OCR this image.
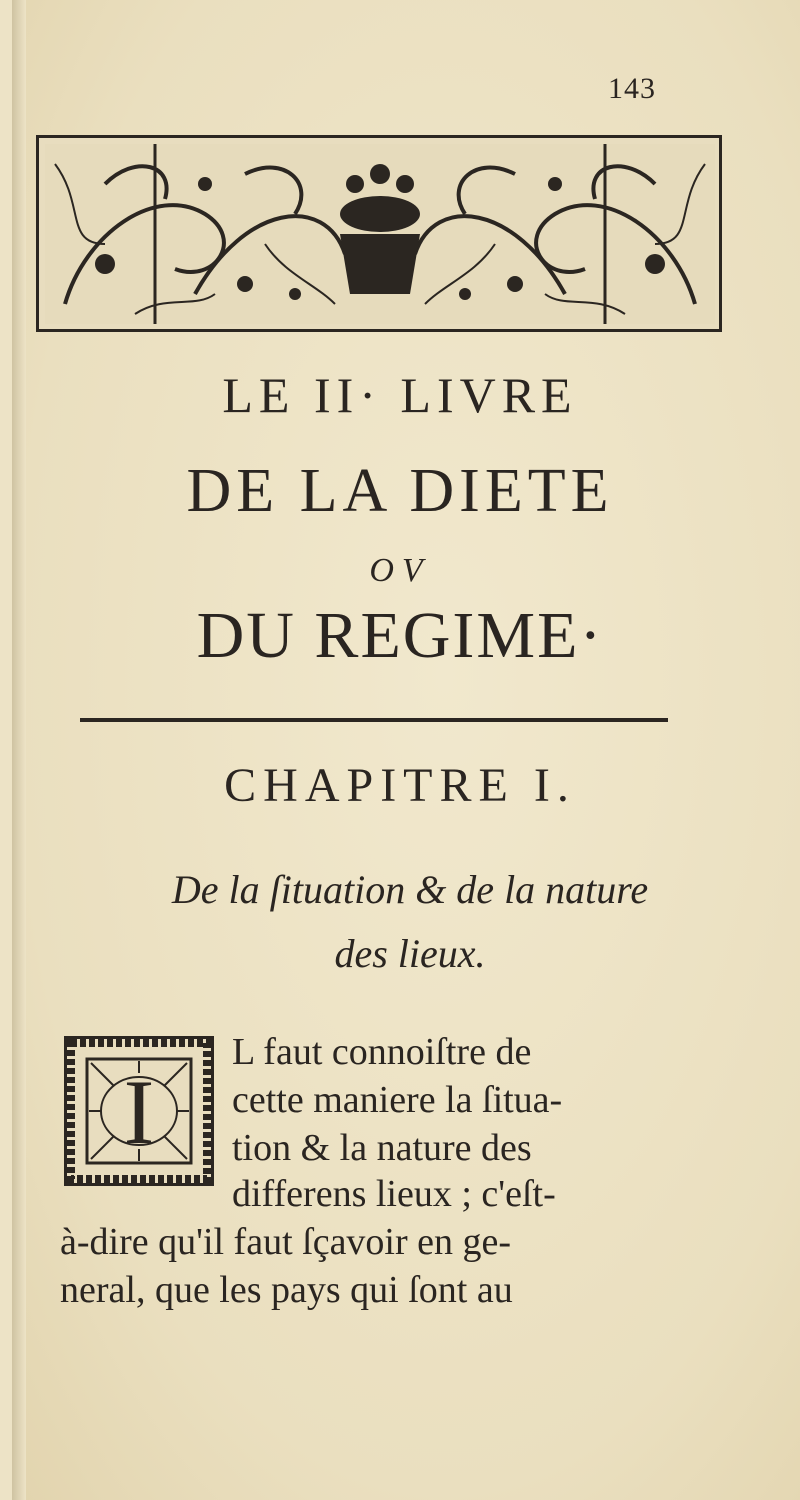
143
LE II· LIVRE
DE LA DIETE
OV
DU REGIME·
CHAPITRE I.
De la ſituation & de la nature
des lieux.
I
L faut connoiſtre de
cette maniere la ſitua-
tion & la nature des
differens lieux ; c'eſt-
à-dire qu'il faut ſçavoir en ge-
neral, que les pays qui ſont au
